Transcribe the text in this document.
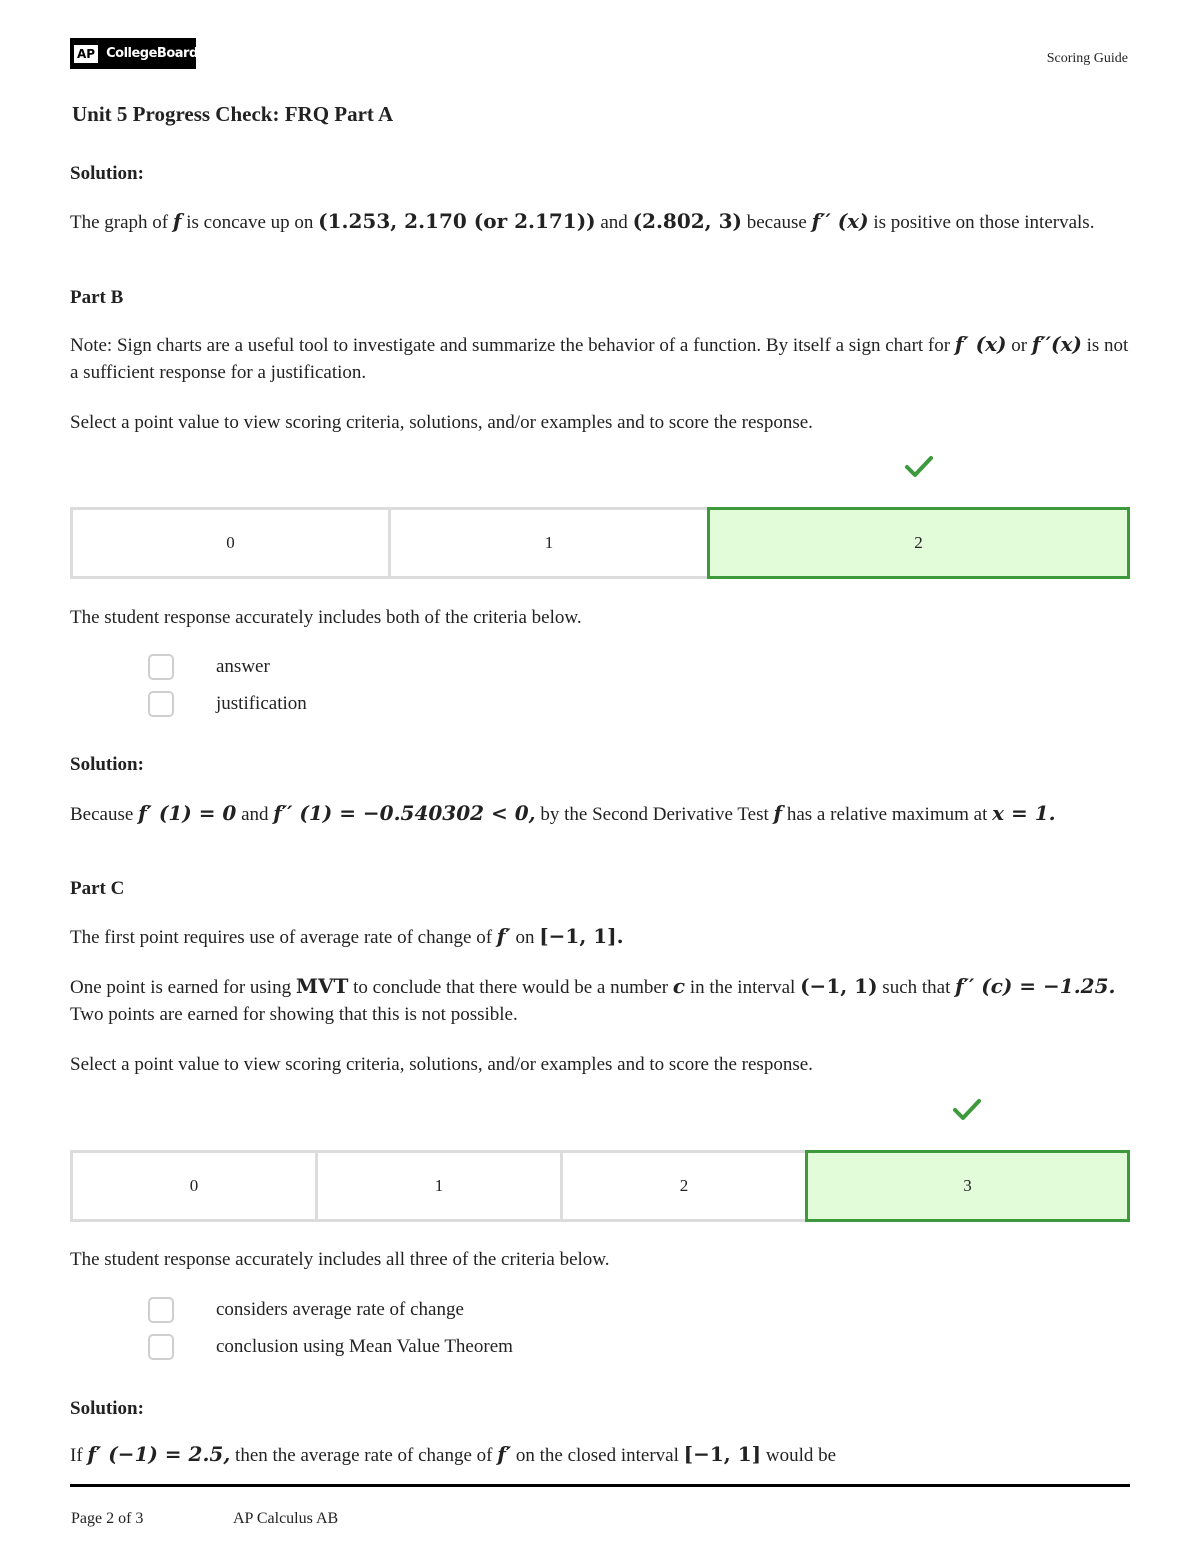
AP CollegeBoard	Scoring Guide
Unit 5 Progress Check: FRQ Part A
Solution:
The graph of f is concave up on (1.253, 2.170 (or 2.171)) and (2.802, 3) because f′′ (x) is positive on those intervals.
Part B
Note: Sign charts are a useful tool to investigate and summarize the behavior of a function. By itself a sign chart for f′ (x) or f′′(x) is not a sufficient response for a justification.
Select a point value to view scoring criteria, solutions, and/or examples and to score the response.
0	1	2
The student response accurately includes both of the criteria below.
answer
justification
Solution:
Because f′ (1) = 0 and f′′ (1) = −0.540302 < 0, by the Second Derivative Test f has a relative maximum at x = 1.
Part C
The first point requires use of average rate of change of f′ on [−1, 1].
One point is earned for using MVT to conclude that there would be a number c in the interval (−1, 1) such that f′′ (c) = −1.25. Two points are earned for showing that this is not possible.
Select a point value to view scoring criteria, solutions, and/or examples and to score the response.
0	1	2	3
The student response accurately includes all three of the criteria below.
considers average rate of change
conclusion using Mean Value Theorem
Solution:
If f′ (−1) = 2.5, then the average rate of change of f′ on the closed interval [−1, 1] would be
Page 2 of 3	AP Calculus AB
